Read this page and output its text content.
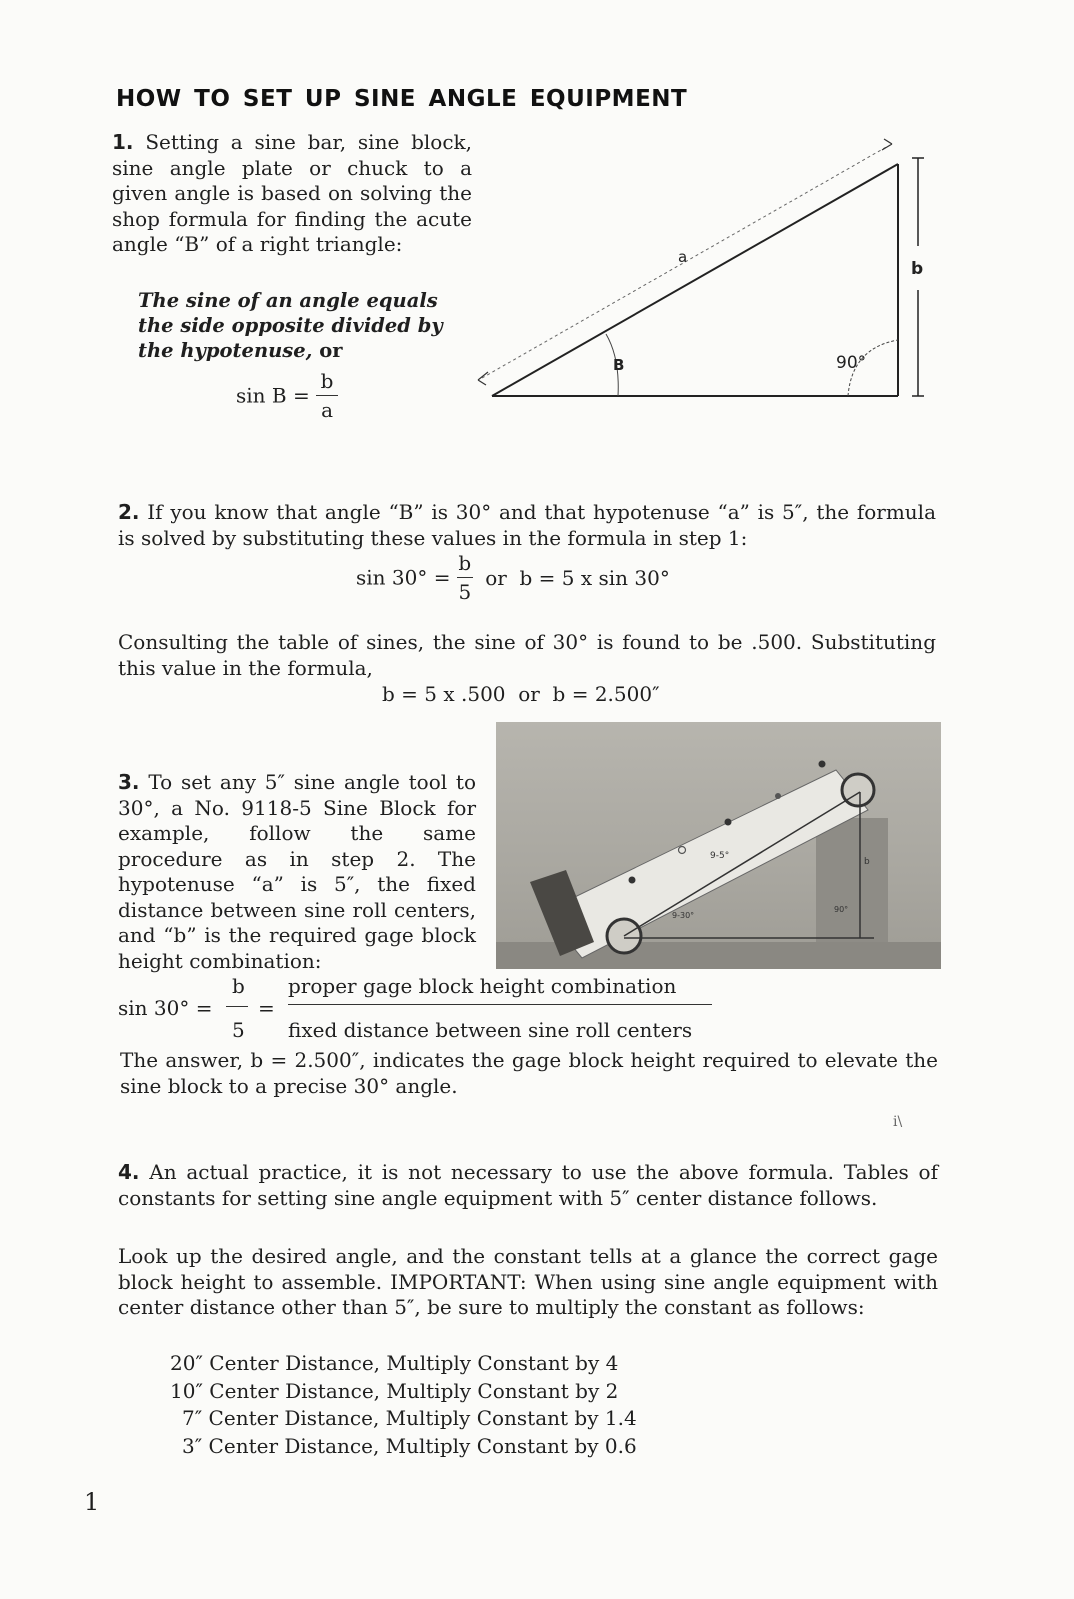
HOW TO SET UP SINE ANGLE EQUIPMENT
1. Setting a sine bar, sine block, sine angle plate or chuck to a given angle is based on solving the shop formula for finding the acute angle “B” of a right triangle:
The sine of an angle equals the side opposite divided by the hypotenuse, or
$\sin B = \frac{b}{a}$
a
b
B	90°
2. If you know that angle “B” is 30° and that hypotenuse “a” is 5″, the formula is solved by substituting these values in the formula in step 1:
$\sin 30^\circ = \frac{b}{5}$ or  b = 5 x sin 30°
Consulting the table of sines, the sine of 30° is found to be .500. Substituting this value in the formula,
b = 5 x .500  or  b = 2.500″
9-5°
9-30°
90°
b
3. To set any 5″ sine angle tool to 30°, a No. 9118-5 Sine Block for example, follow the same procedure as in step 2. The hypotenuse “a” is 5″, the fixed distance between sine roll centers, and “b” is the required gage block height combination:
sin 30° =
b
5
=
proper gage block height combination
fixed distance between sine roll centers
The answer, b = 2.500″, indicates the gage block height required to elevate the sine block to a precise 30° angle.
i\
4. An actual practice, it is not necessary to use the above formula. Tables of constants for setting sine angle equipment with 5″ center distance follows.
Look up the desired angle, and the constant tells at a glance the correct gage block height to assemble. IMPORTANT: When using sine angle equipment with center distance other than 5″, be sure to multiply the constant as follows:
20″ Center Distance, Multiply Constant by 4
10″ Center Distance, Multiply Constant by 2
7″ Center Distance, Multiply Constant by 1.4
3″ Center Distance, Multiply Constant by 0.6
1
